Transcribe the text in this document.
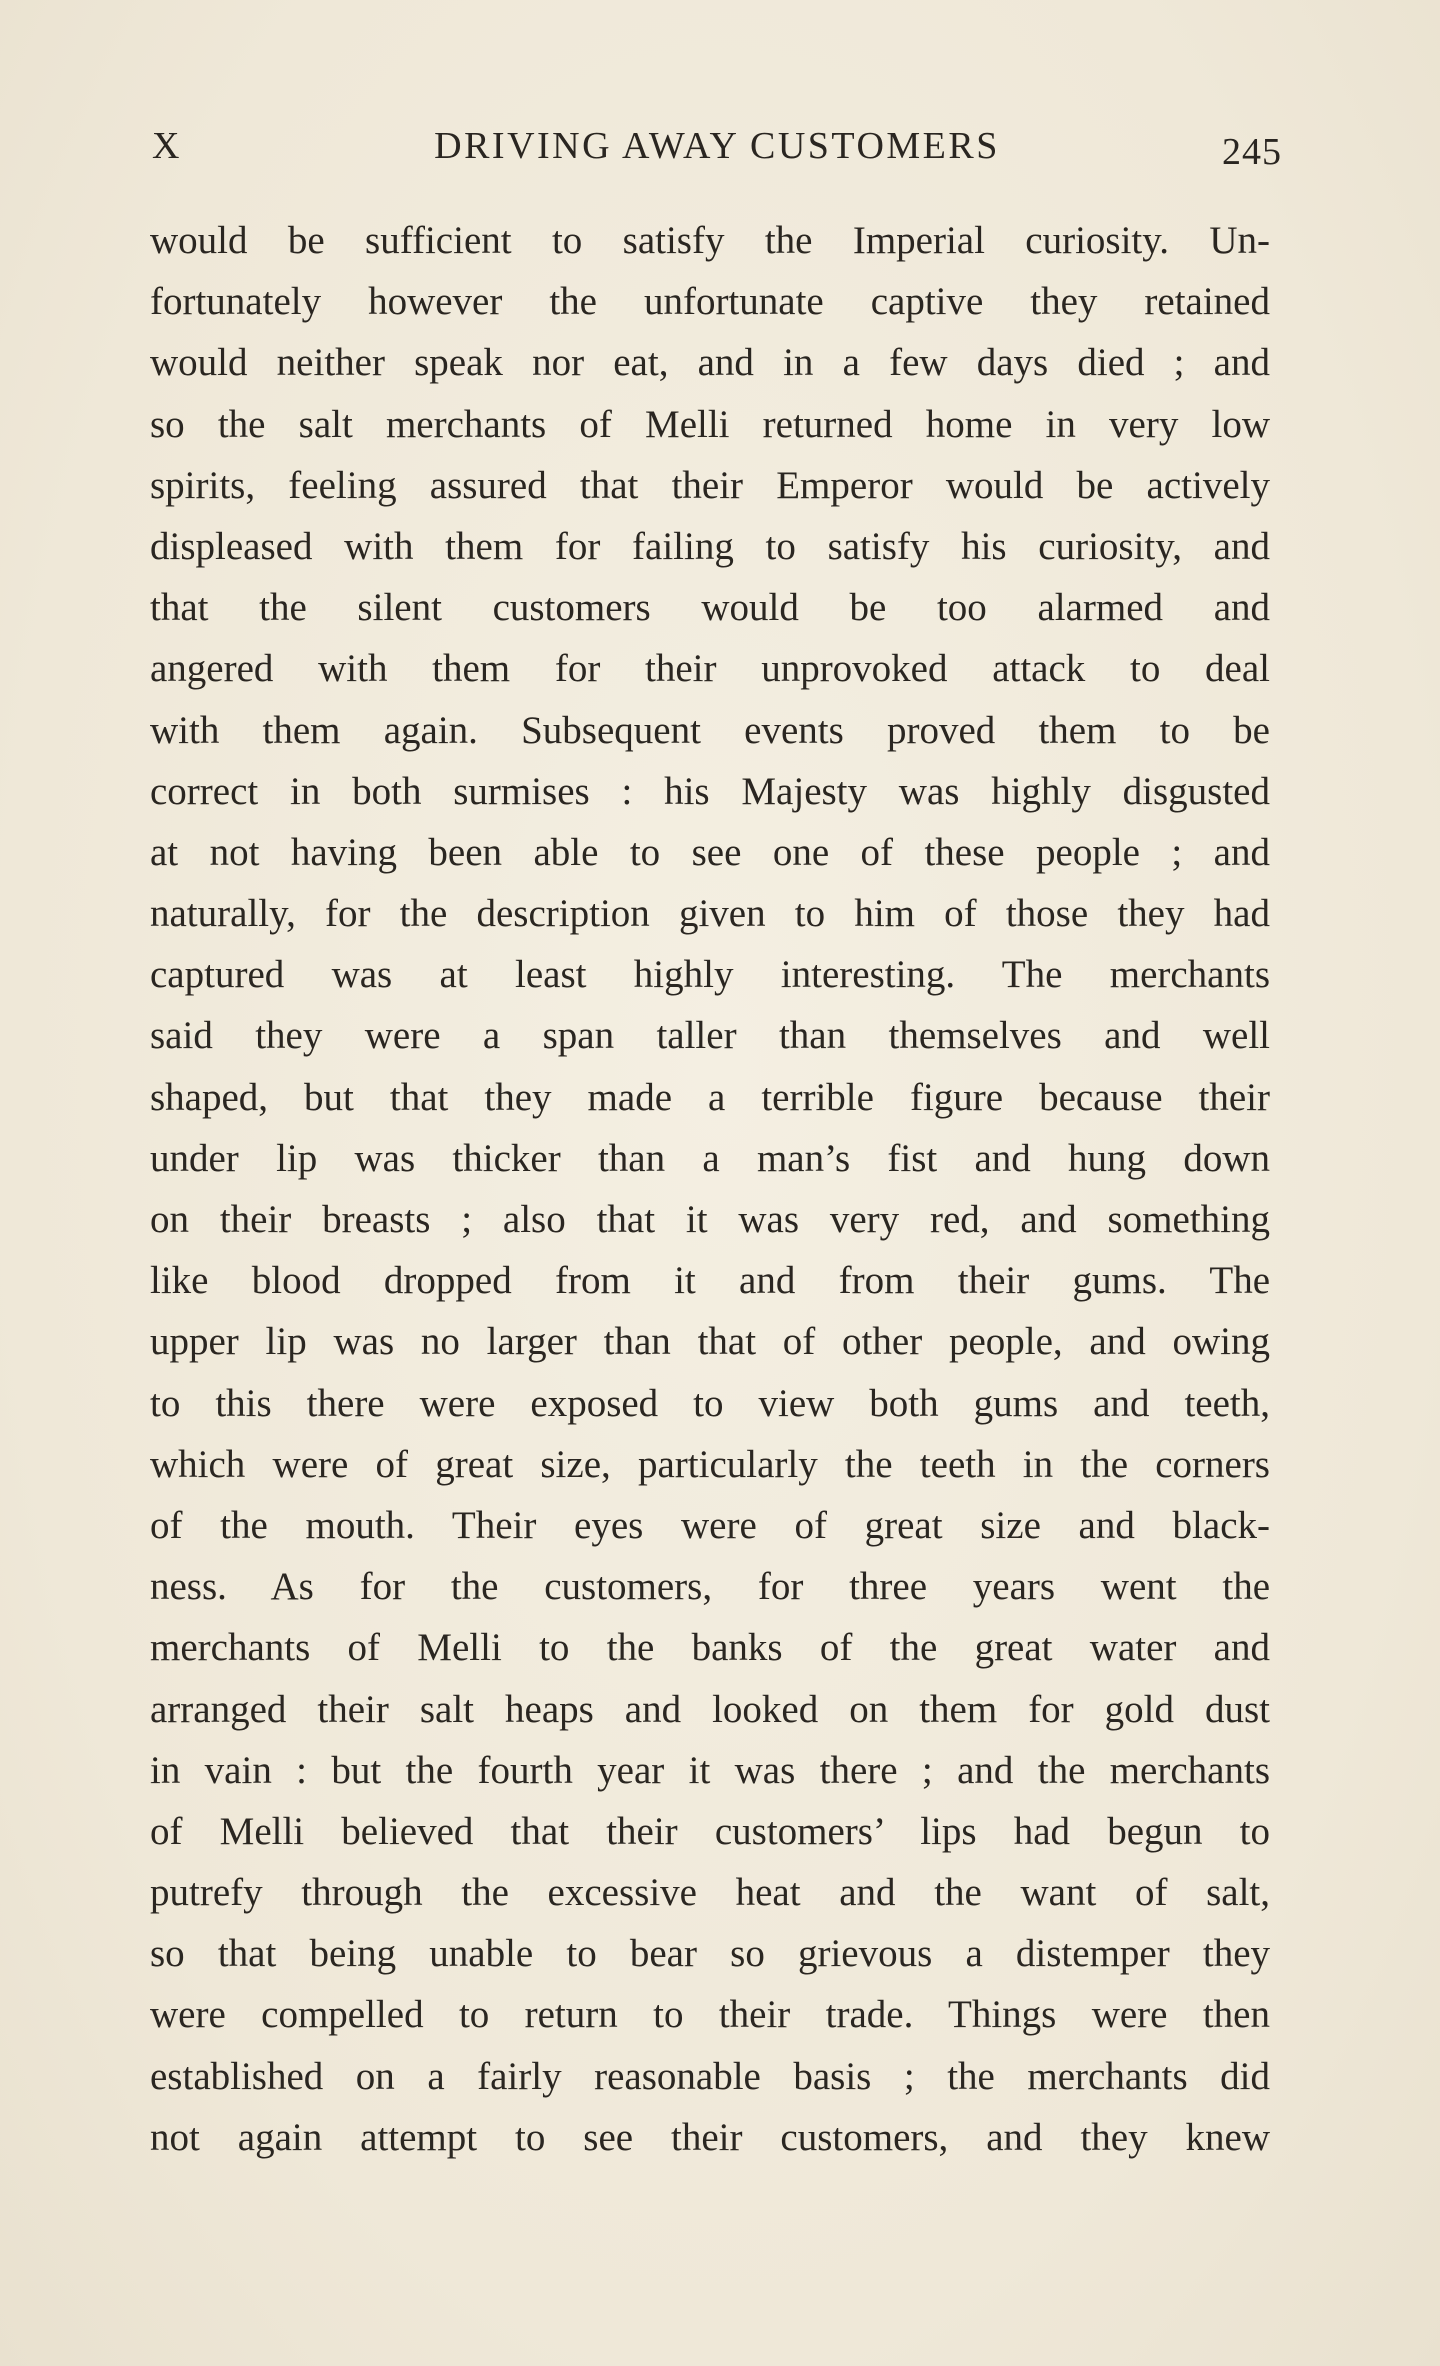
X	DRIVING AWAY CUSTOMERS	245
would be sufficient to satisfy the Imperial curiosity. Un-
fortunately however the unfortunate captive they retained
would neither speak nor eat, and in a few days died ; and
so the salt merchants of Melli returned home in very low
spirits, feeling assured that their Emperor would be actively
displeased with them for failing to satisfy his curiosity, and
that the silent customers would be too alarmed and
angered with them for their unprovoked attack to deal
with them again. Subsequent events proved them to be
correct in both surmises : his Majesty was highly disgusted
at not having been able to see one of these people ; and
naturally, for the description given to him of those they had
captured was at least highly interesting. The merchants
said they were a span taller than themselves and well
shaped, but that they made a terrible figure because their
under lip was thicker than a man’s fist and hung down
on their breasts ; also that it was very red, and something
like blood dropped from it and from their gums. The
upper lip was no larger than that of other people, and owing
to this there were exposed to view both gums and teeth,
which were of great size, particularly the teeth in the corners
of the mouth. Their eyes were of great size and black-
ness. As for the customers, for three years went the
merchants of Melli to the banks of the great water and
arranged their salt heaps and looked on them for gold dust
in vain : but the fourth year it was there ; and the merchants
of Melli believed that their customers’ lips had begun to
putrefy through the excessive heat and the want of salt,
so that being unable to bear so grievous a distemper they
were compelled to return to their trade. Things were then
established on a fairly reasonable basis ; the merchants did
not again attempt to see their customers, and they knew
